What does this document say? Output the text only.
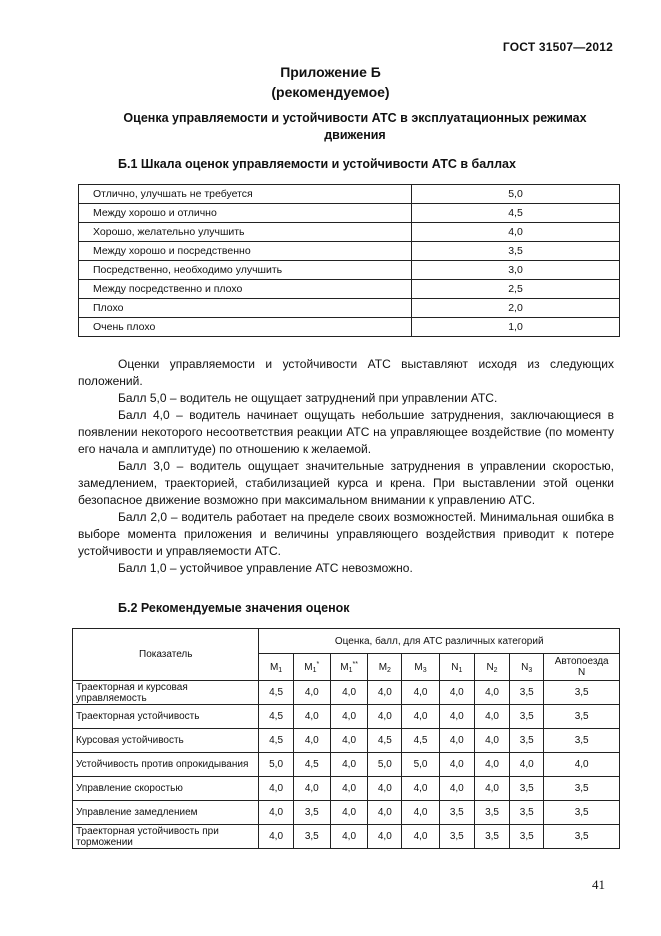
ГОСТ 31507—2012
Приложение Б
(рекомендуемое)
Оценка управляемости и устойчивости АТС в эксплуатационных режимах движения
Б.1 Шкала оценок управляемости и устойчивости АТС в баллах
Отлично, улучшать не требуется	5,0
Между хорошо и отлично	4,5
Хорошо, желательно улучшить	4,0
Между хорошо и посредственно	3,5
Посредственно, необходимо улучшить	3,0
Между посредственно и плохо	2,5
Плохо	2,0
Очень плохо	1,0

Оценки управляемости и устойчивости АТС выставляют исходя из следующих положений.

Балл 5,0 – водитель не ощущает затруднений при управлении АТС.

Балл 4,0 – водитель начинает ощущать небольшие затруднения, заключающиеся в появлении некоторого несоответствия реакции АТС на управляющее воздействие (по моменту его начала и амплитуде) по отношению к желаемой.

Балл 3,0 – водитель ощущает значительные затруднения в управлении скоростью, замедлением, траекторией, стабилизацией курса и крена. При выставлении этой оценки безопасное движение возможно при максимальном внимании к управлению АТС.

Балл 2,0 – водитель работает на пределе своих возможностей. Минимальная ошибка в выборе момента приложения и величины управляющего воздействия приводит к потере устойчивости и управляемости АТС.

Балл 1,0 – устойчивое управление АТС невозможно.

Б.2 Рекомендуемые значения оценок
Показатель	Оценка, балл, для АТС различных категорий								
	$M_1$	$M_1^*$	$M_1^{**}$	$M_2$	$M_3$	$N_1$	$N_2$	$N_3$	Автопоезда
N

Траекторная и курсовая управляемость	4,5	4,0	4,0	4,0	4,0	4,0	4,0	3,5	3,5
Траекторная устойчивость	4,5	4,0	4,0	4,0	4,0	4,0	4,0	3,5	3,5
Курсовая устойчивость	4,5	4,0	4,0	4,5	4,5	4,0	4,0	3,5	3,5
Устойчивость против опрокидывания	5,0	4,5	4,0	5,0	5,0	4,0	4,0	4,0	4,0
Управление скоростью	4,0	4,0	4,0	4,0	4,0	4,0	4,0	3,5	3,5
Управление замедлением	4,0	3,5	4,0	4,0	4,0	3,5	3,5	3,5	3,5
Траекторная устойчивость при торможении	4,0	3,5	4,0	4,0	4,0	3,5	3,5	3,5	3,5
41
